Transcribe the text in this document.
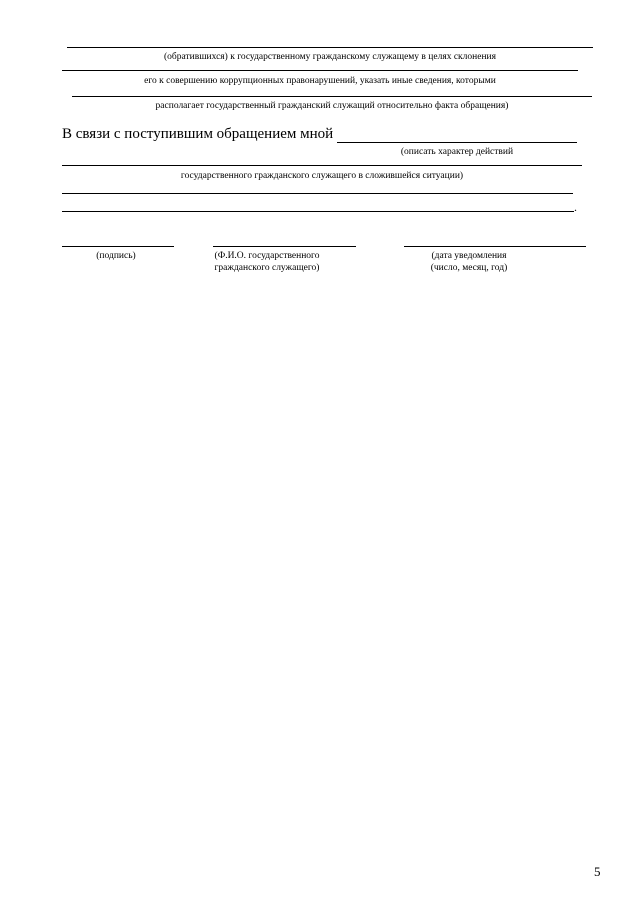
(обратившихся) к государственному гражданскому служащему в целях склонения
его к совершению коррупционных правонарушений, указать иные сведения, которыми
располагает государственный гражданский служащий относительно факта обращения)
В связи с поступившим обращением мной
(описать характер действий
государственного гражданского служащего в сложившейся ситуации)
.
(подпись)	(Ф.И.О. государственного
гражданского служащего)
(дата уведомления
(число, месяц, год)
5
